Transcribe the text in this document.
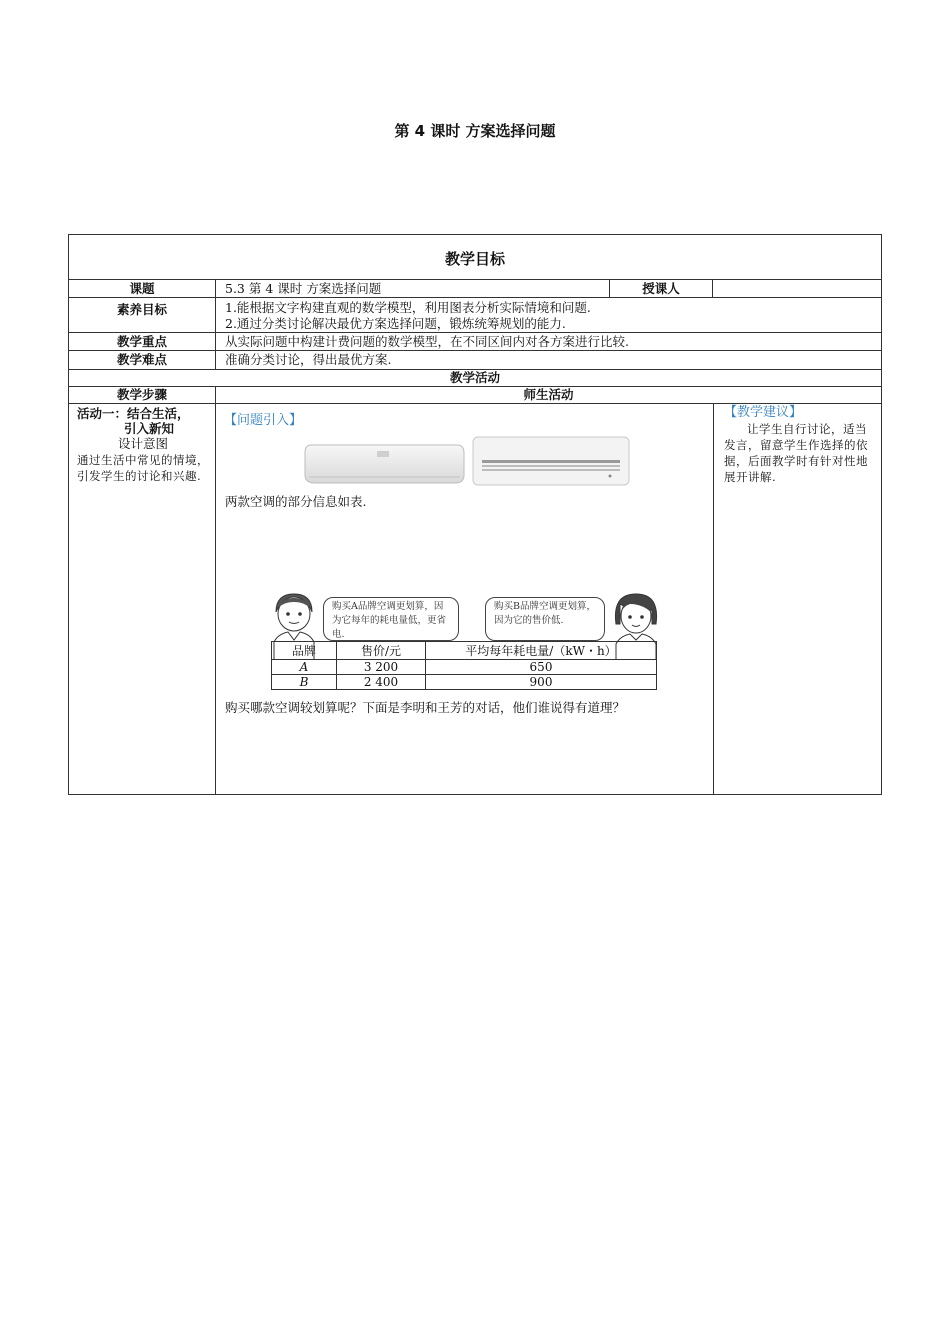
第 4 课时 方案选择问题
教学目标
课题	5.3 第 4 课时 方案选择问题	授课人
素养目标	1.能根据文字构建直观的数学模型，利用图表分析实际情境和问题.
2.通过分类讨论解决最优方案选择问题，锻炼统筹规划的能力.
教学重点	从实际问题中构建计费问题的数学模型，在不同区间内对各方案进行比较.
教学难点	准确分类讨论，得出最优方案.
教学活动
教学步骤	师生活动
活动一：结合生活，
引入新知
设计意图
通过生活中常见的情境，引发学生的讨论和兴趣.
【问题引入】
两款空调的部分信息如表.
购买A品牌空调更划算，因为它每年的耗电量低，更省电.
购买B品牌空调更划算，因为它的售价低.
品牌	售价/元	平均每年耗电量/（kW・h）
A	3 200	650
B	2 400	900
购买哪款空调较划算呢？下面是李明和王芳的对话，他们谁说得有道理？
【教学建议】
让学生自行讨论，适当发言，留意学生作选择的依据，后面教学时有针对性地展开讲解.
